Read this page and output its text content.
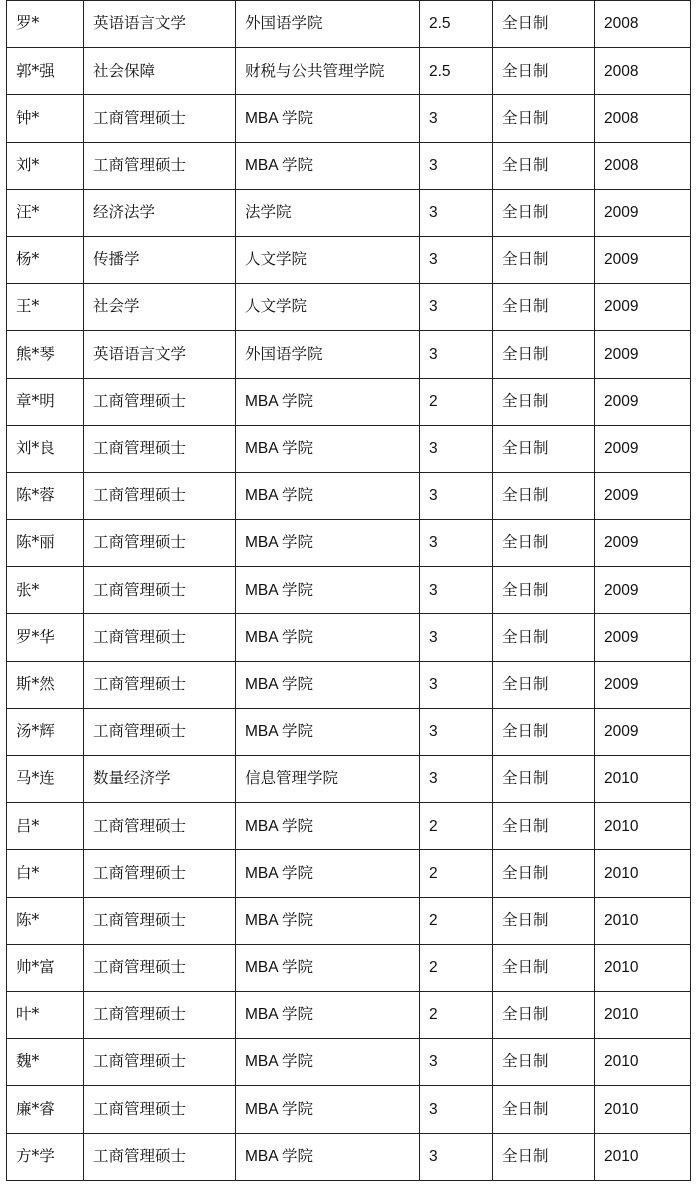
罗*	英语语言文学	外国语学院	2.5	全日制	2008
郭*强	社会保障	财税与公共管理学院	2.5	全日制	2008
钟*	工商管理硕士	MBA 学院	3	全日制	2008
刘*	工商管理硕士	MBA 学院	3	全日制	2008
汪*	经济法学	法学院	3	全日制	2009
杨*	传播学	人文学院	3	全日制	2009
王*	社会学	人文学院	3	全日制	2009
熊*琴	英语语言文学	外国语学院	3	全日制	2009
章*明	工商管理硕士	MBA 学院	2	全日制	2009
刘*良	工商管理硕士	MBA 学院	3	全日制	2009
陈*蓉	工商管理硕士	MBA 学院	3	全日制	2009
陈*丽	工商管理硕士	MBA 学院	3	全日制	2009
张*	工商管理硕士	MBA 学院	3	全日制	2009
罗*华	工商管理硕士	MBA 学院	3	全日制	2009
斯*然	工商管理硕士	MBA 学院	3	全日制	2009
汤*辉	工商管理硕士	MBA 学院	3	全日制	2009
马*连	数量经济学	信息管理学院	3	全日制	2010
吕*	工商管理硕士	MBA 学院	2	全日制	2010
白*	工商管理硕士	MBA 学院	2	全日制	2010
陈*	工商管理硕士	MBA 学院	2	全日制	2010
帅*富	工商管理硕士	MBA 学院	2	全日制	2010
叶*	工商管理硕士	MBA 学院	2	全日制	2010
魏*	工商管理硕士	MBA 学院	3	全日制	2010
廉*睿	工商管理硕士	MBA 学院	3	全日制	2010
方*学	工商管理硕士	MBA 学院	3	全日制	2010
